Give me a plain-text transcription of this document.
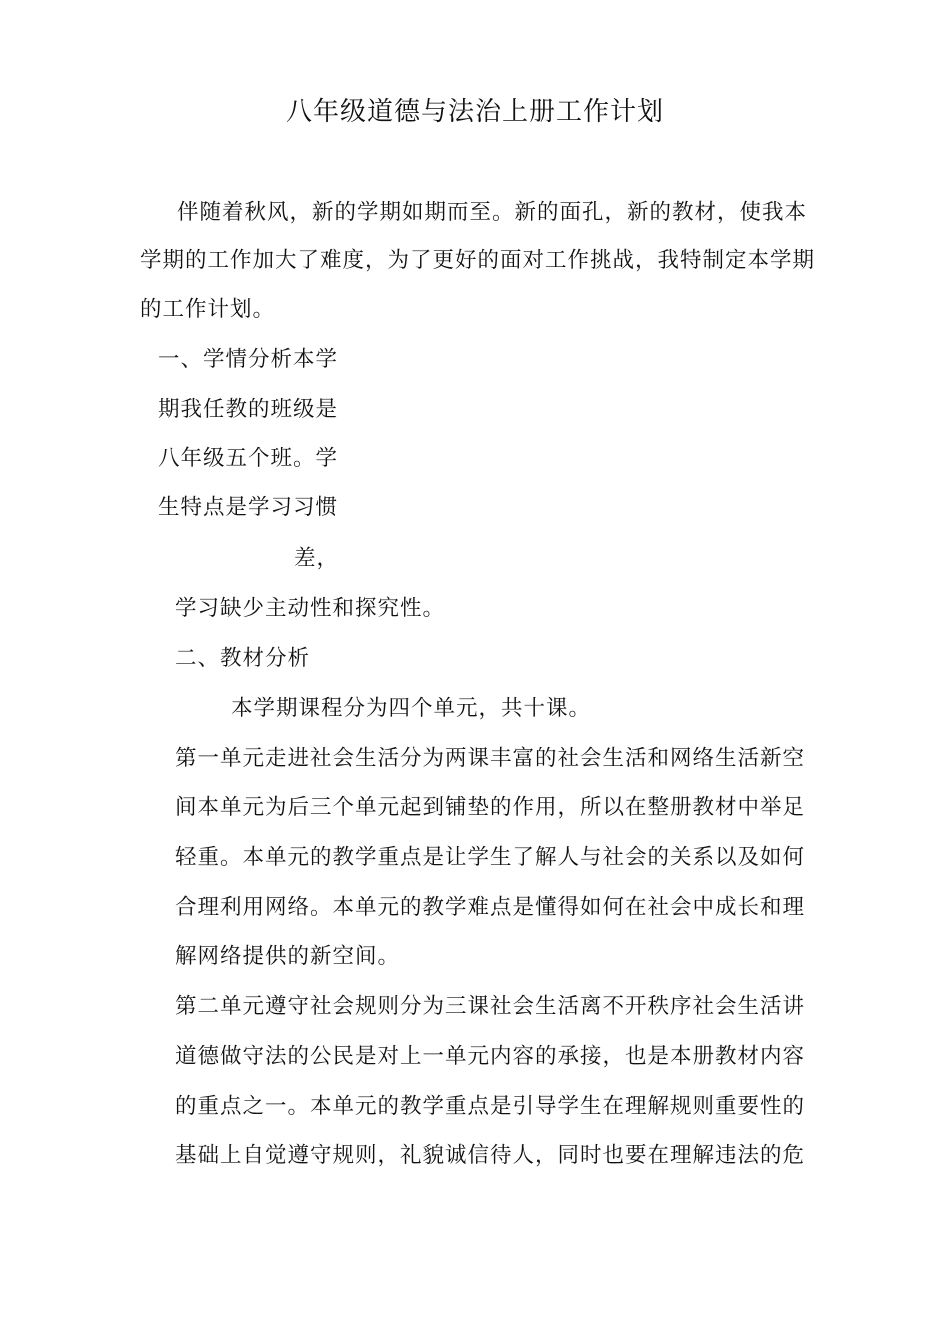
八年级道德与法治上册工作计划
伴随着秋风，新的学期如期而至。新的面孔，新的教材，使我本
学期的工作加大了难度，为了更好的面对工作挑战，我特制定本学期
的工作计划。
一、学情分析本学
期我任教的班级是
八年级五个班。学
生特点是学习习惯
差，
学习缺少主动性和探究性。
二、教材分析
本学期课程分为四个单元，共十课。
第一单元走进社会生活分为两课丰富的社会生活和网络生活新空
间本单元为后三个单元起到铺垫的作用，所以在整册教材中举足
轻重。本单元的教学重点是让学生了解人与社会的关系以及如何
合理利用网络。本单元的教学难点是懂得如何在社会中成长和理
解网络提供的新空间。
第二单元遵守社会规则分为三课社会生活离不开秩序社会生活讲
道德做守法的公民是对上一单元内容的承接，也是本册教材内容
的重点之一。本单元的教学重点是引导学生在理解规则重要性的
基础上自觉遵守规则，礼貌诚信待人，同时也要在理解违法的危
